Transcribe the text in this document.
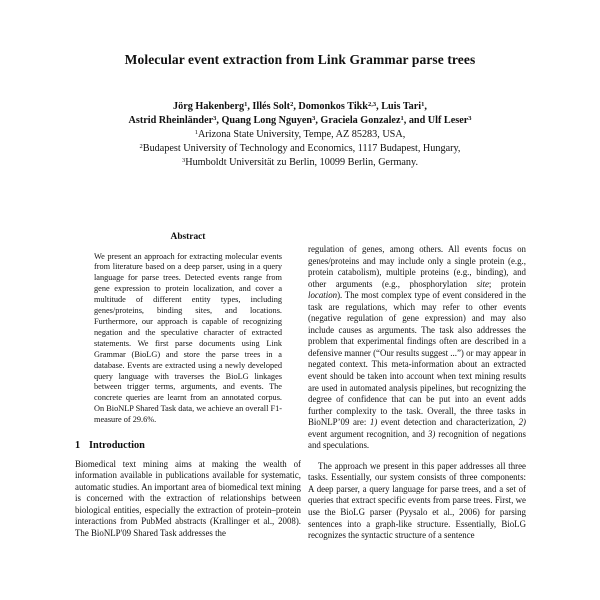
Molecular event extraction from Link Grammar parse trees
Jörg Hakenberg$^1$, Illés Solt$^2$, Domonkos Tikk$^{2,3}$, Luis Tari$^1$,
Astrid Rheinländer$^3$, Quang Long Nguyen$^3$, Graciela Gonzalez$^1$, and Ulf Leser$^3$
$^1$Arizona State University, Tempe, AZ 85283, USA,
$^2$Budapest University of Technology and Economics, 1117 Budapest, Hungary,
$^3$Humboldt Universität zu Berlin, 10099 Berlin, Germany.
Abstract
We present an approach for extracting molecular events from literature based on a deep parser, using in a query language for parse trees. Detected events range from gene expression to protein localization, and cover a multitude of different entity types, including genes/proteins, binding sites, and locations. Furthermore, our approach is capable of recognizing negation and the speculative character of extracted statements. We first parse documents using Link Grammar (BioLG) and store the parse trees in a database. Events are extracted using a newly developed query language with traverses the BioLG linkages between trigger terms, arguments, and events. The concrete queries are learnt from an annotated corpus. On BioNLP Shared Task data, we achieve an overall F1-measure of 29.6%.
1 Introduction

Biomedical text mining aims at making the wealth of information available in publications available for systematic, automatic studies. An important area of biomedical text mining is concerned with the extraction of relationships between biological entities, especially the extraction of protein–protein interactions from PubMed abstracts (Krallinger et al., 2008). The BioNLP'09 Shared Task addresses the

regulation of genes, among others. All events focus on genes/proteins and may include only a single protein (e.g., protein catabolism), multiple proteins (e.g., binding), and other arguments (e.g., phosphorylation site; protein location). The most complex type of event considered in the task are regulations, which may refer to other events (negative regulation of gene expression) and may also include causes as arguments. The task also addresses the problem that experimental findings often are described in a defensive manner (“Our results suggest ...”) or may appear in negated context. This meta-information about an extracted event should be taken into account when text mining results are used in automated analysis pipelines, but recognizing the degree of confidence that can be put into an event adds further complexity to the task. Overall, the three tasks in BioNLP’09 are: 1) event detection and characterization, 2) event argument recognition, and 3) recognition of negations and speculations.

The approach we present in this paper addresses all three tasks. Essentially, our system consists of three components: A deep parser, a query language for parse trees, and a set of queries that extract specific events from parse trees. First, we use the BioLG parser (Pyysalo et al., 2006) for parsing sentences into a graph-like structure. Essentially, BioLG recognizes the syntactic structure of a sentence
